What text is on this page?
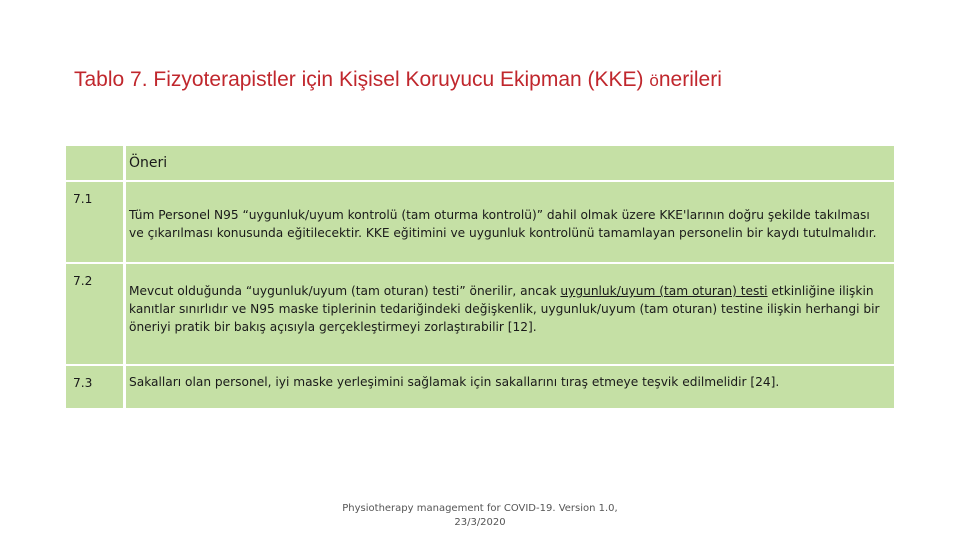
Tablo 7. Fizyoterapistler için Kişisel Koruyucu Ekipman (KKE) önerileri
Öneri
7.1
Tüm Personel N95 “uygunluk/uyum kontrolü (tam oturma kontrolü)” dahil olmak üzere KKE'larının doğru şekilde takılması ve çıkarılması konusunda eğitilecektir. KKE eğitimini ve uygunluk kontrolünü tamamlayan personelin bir kaydı tutulmalıdır.
7.2
Mevcut olduğunda “uygunluk/uyum (tam oturan) testi” önerilir, ancak uygunluk/uyum (tam oturan) testi etkinliğine ilişkin kanıtlar sınırlıdır ve N95 maske tiplerinin tedariğindeki değişkenlik, uygunluk/uyum (tam oturan) testine ilişkin herhangi bir öneriyi pratik bir bakış açısıyla gerçekleştirmeyi zorlaştırabilir [12].
7.3	Sakalları olan personel, iyi maske yerleşimini sağlamak için sakallarını tıraş etmeye teşvik edilmelidir [24].
Physiotherapy management for COVID-19. Version 1.0,
23/3/2020
